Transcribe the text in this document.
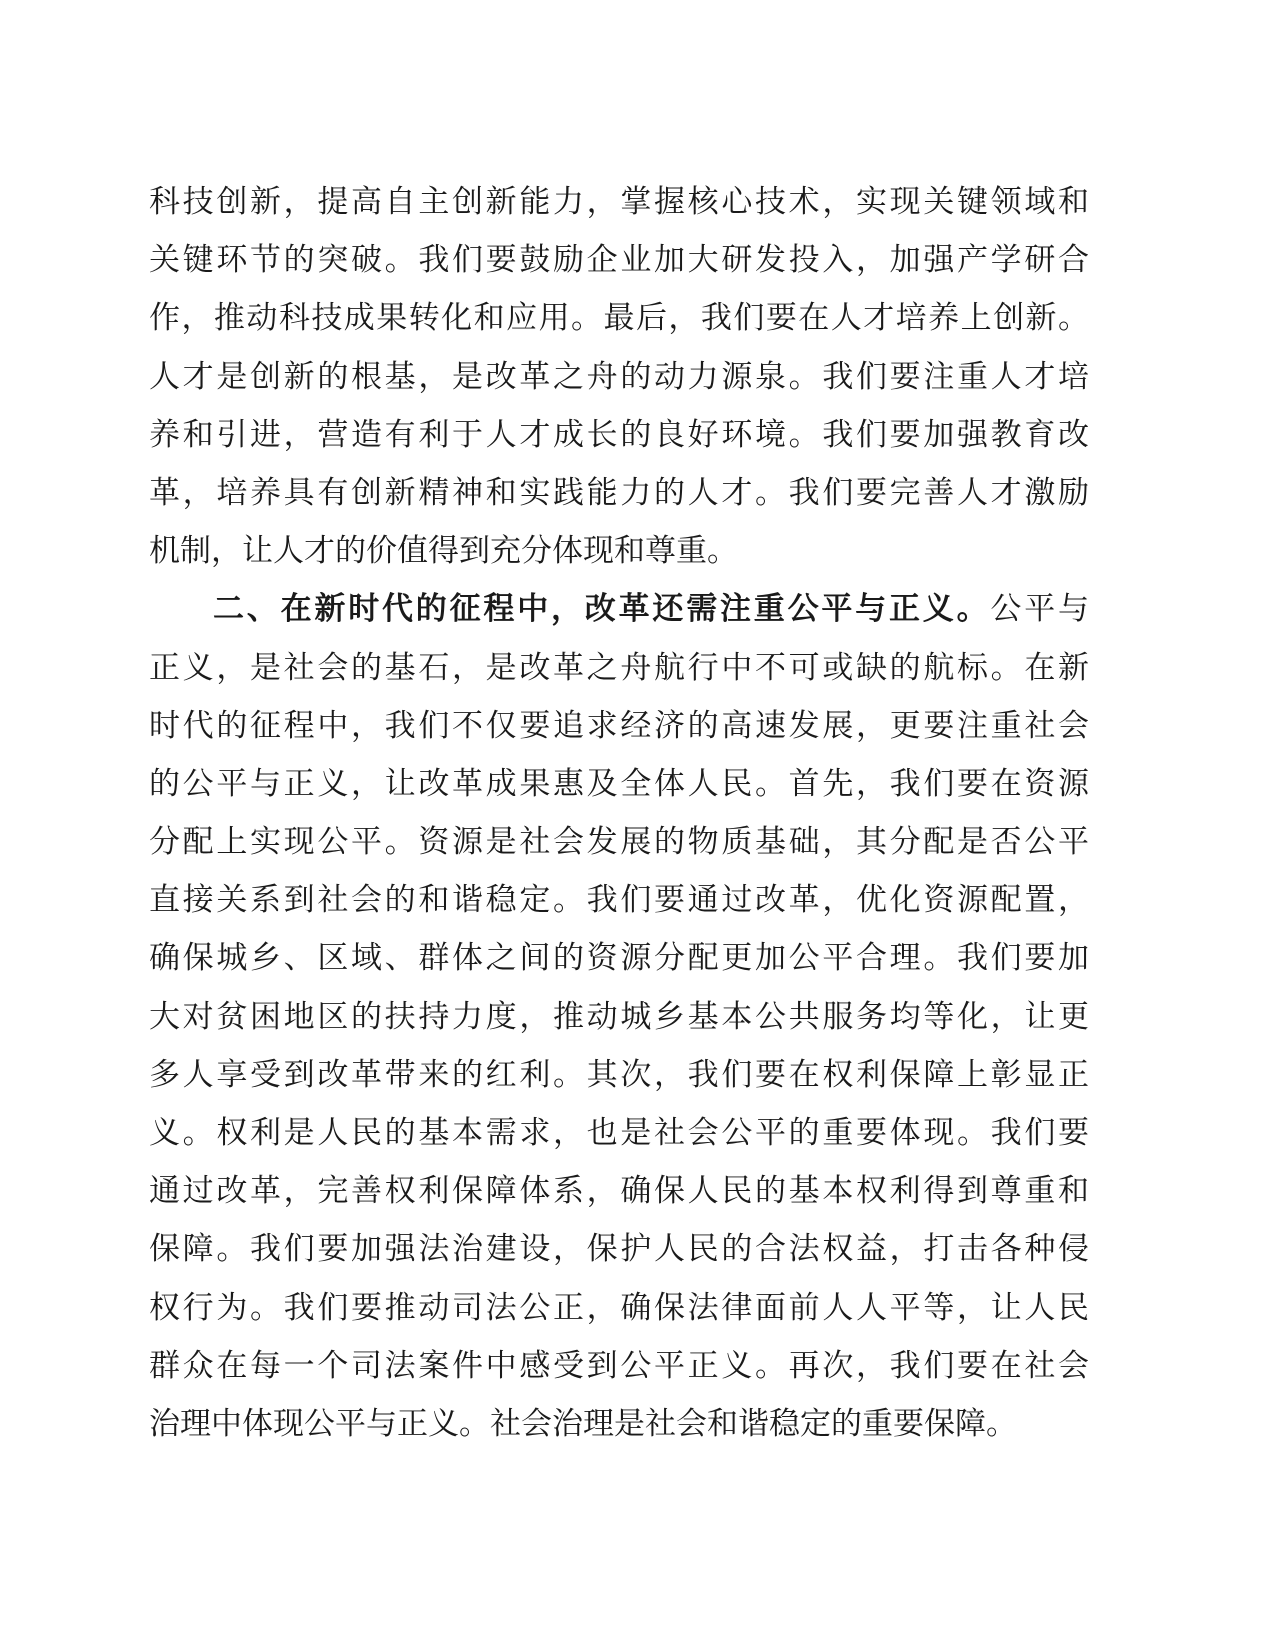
科技创新，提高自主创新能力，掌握核心技术，实现关键领域和
关键环节的突破。我们要鼓励企业加大研发投入，加强产学研合
作，推动科技成果转化和应用。最后，我们要在人才培养上创新。
人才是创新的根基，是改革之舟的动力源泉。我们要注重人才培
养和引进，营造有利于人才成长的良好环境。我们要加强教育改
革，培养具有创新精神和实践能力的人才。我们要完善人才激励
机制，让人才的价值得到充分体现和尊重。
二、在新时代的征程中，改革还需注重公平与正义。公平与
正义，是社会的基石，是改革之舟航行中不可或缺的航标。在新
时代的征程中，我们不仅要追求经济的高速发展，更要注重社会
的公平与正义，让改革成果惠及全体人民。首先，我们要在资源
分配上实现公平。资源是社会发展的物质基础，其分配是否公平
直接关系到社会的和谐稳定。我们要通过改革，优化资源配置，
确保城乡、区域、群体之间的资源分配更加公平合理。我们要加
大对贫困地区的扶持力度，推动城乡基本公共服务均等化，让更
多人享受到改革带来的红利。其次，我们要在权利保障上彰显正
义。权利是人民的基本需求，也是社会公平的重要体现。我们要
通过改革，完善权利保障体系，确保人民的基本权利得到尊重和
保障。我们要加强法治建设，保护人民的合法权益，打击各种侵
权行为。我们要推动司法公正，确保法律面前人人平等，让人民
群众在每一个司法案件中感受到公平正义。再次，我们要在社会
治理中体现公平与正义。社会治理是社会和谐稳定的重要保障。
